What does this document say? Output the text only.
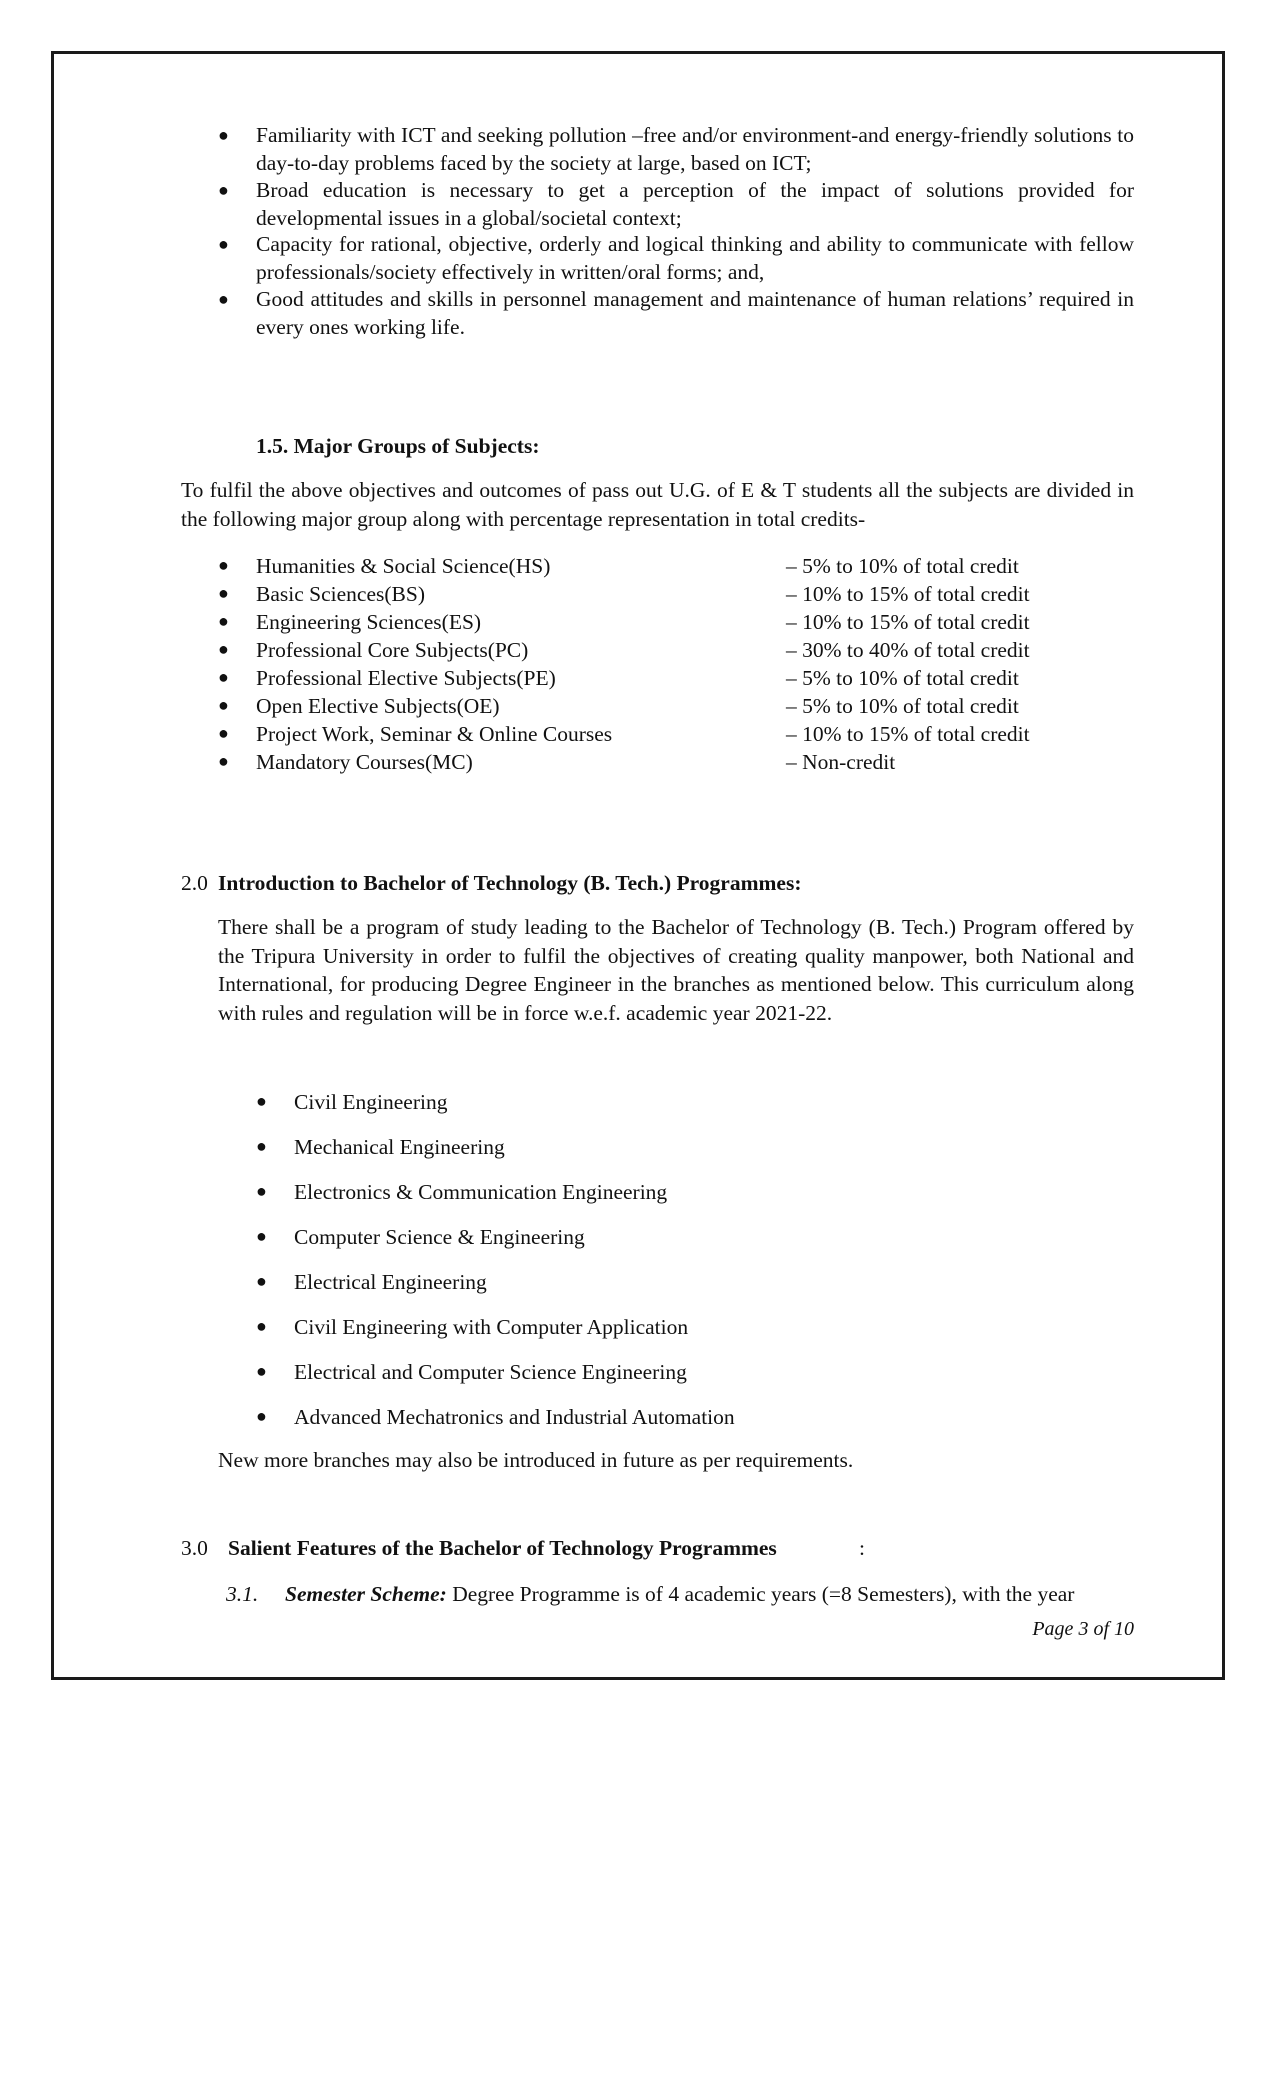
● Familiarity with ICT and seeking pollution –free and/or environment-and energy-friendly solutions to day-to-day problems faced by the society at large, based on ICT;

● Broad education is necessary to get a perception of the impact of solutions provided for developmental issues in a global/societal context;

● Capacity for rational, objective, orderly and logical thinking and ability to communicate with fellow professionals/society effectively in written/oral forms; and,

● Good attitudes and skills in personnel management and maintenance of human relations’ required in every ones working life.

1.5. Major Groups of Subjects:

To fulfil the above objectives and outcomes of pass out U.G. of E & T students all the subjects are divided in the following major group along with percentage representation in total credits-

● Humanities & Social Science(HS)	– 5% to 10% of total credit
● Basic Sciences(BS)	– 10% to 15% of total credit
● Engineering Sciences(ES)	– 10% to 15% of total credit
● Professional Core Subjects(PC)	– 30% to 40% of total credit
● Professional Elective Subjects(PE)	– 5% to 10% of total credit
● Open Elective Subjects(OE)	– 5% to 10% of total credit
● Project Work, Seminar & Online Courses	– 10% to 15% of total credit
● Mandatory Courses(MC)	– Non-credit
2.0 Introduction to Bachelor of Technology (B. Tech.) Programmes:

There shall be a program of study leading to the Bachelor of Technology (B. Tech.) Program offered by the Tripura University in order to fulfil the objectives of creating quality manpower, both National and International, for producing Degree Engineer in the branches as mentioned below. This curriculum along with rules and regulation will be in force w.e.f. academic year 2021-22.

● Civil Engineering
● Mechanical Engineering
● Electronics & Communication Engineering
● Computer Science & Engineering
● Electrical Engineering
● Civil Engineering with Computer Application
● Electrical and Computer Science Engineering
● Advanced Mechatronics and Industrial Automation
New more branches may also be introduced in future as per requirements.
3.0 Salient Features of the Bachelor of Technology Programmes	:
3.1. Semester Scheme: Degree Programme is of 4 academic years (=8 Semesters), with the year
Page 3 of 10
